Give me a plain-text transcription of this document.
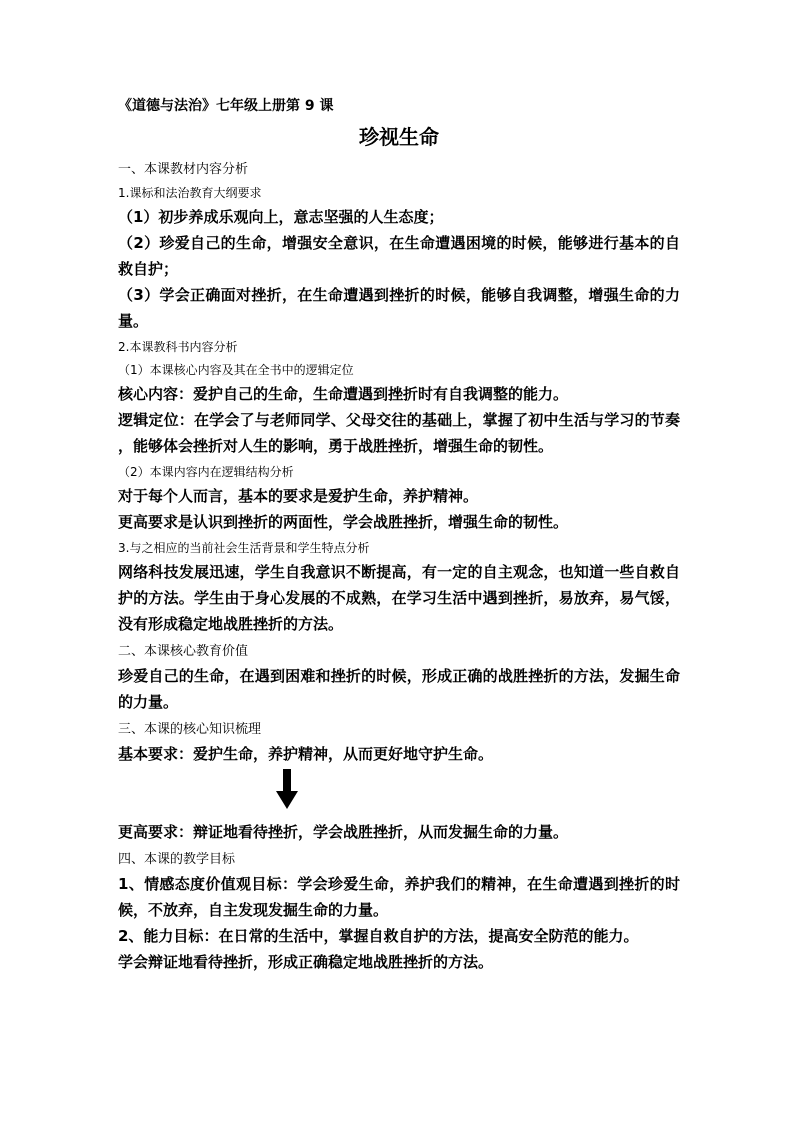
《道德与法治》七年级上册第 9 课

珍视生命

一、本课教材内容分析

1.课标和法治教育大纲要求

（1）初步养成乐观向上，意志坚强的人生态度；

（2）珍爱自己的生命，增强安全意识，在生命遭遇困境的时候，能够进行基本的自救自护；

（3）学会正确面对挫折，在生命遭遇到挫折的时候，能够自我调整，增强生命的力量。

2.本课教科书内容分析

（1）本课核心内容及其在全书中的逻辑定位

核心内容：爱护自己的生命，生命遭遇到挫折时有自我调整的能力。

逻辑定位：在学会了与老师同学、父母交往的基础上，掌握了初中生活与学习的节奏 ，能够体会挫折对人生的影响，勇于战胜挫折，增强生命的韧性。

（2）本课内容内在逻辑结构分析

对于每个人而言，基本的要求是爱护生命，养护精神。

更高要求是认识到挫折的两面性，学会战胜挫折，增强生命的韧性。

3.与之相应的当前社会生活背景和学生特点分析

网络科技发展迅速，学生自我意识不断提高，有一定的自主观念，也知道一些自救自护的方法。学生由于身心发展的不成熟，在学习生活中遇到挫折，易放弃，易气馁，没有形成稳定地战胜挫折的方法。

二、本课核心教育价值

珍爱自己的生命，在遇到困难和挫折的时候，形成正确的战胜挫折的方法，发掘生命的力量。

三、本课的核心知识梳理

基本要求：爱护生命，养护精神，从而更好地守护生命。

更高要求：辩证地看待挫折，学会战胜挫折，从而发掘生命的力量。

四、本课的教学目标

1、情感态度价值观目标：学会珍爱生命，养护我们的精神，在生命遭遇到挫折的时候，不放弃，自主发现发掘生命的力量。

2、能力目标：在日常的生活中，掌握自救自护的方法，提高安全防范的能力。

学会辩证地看待挫折，形成正确稳定地战胜挫折的方法。
